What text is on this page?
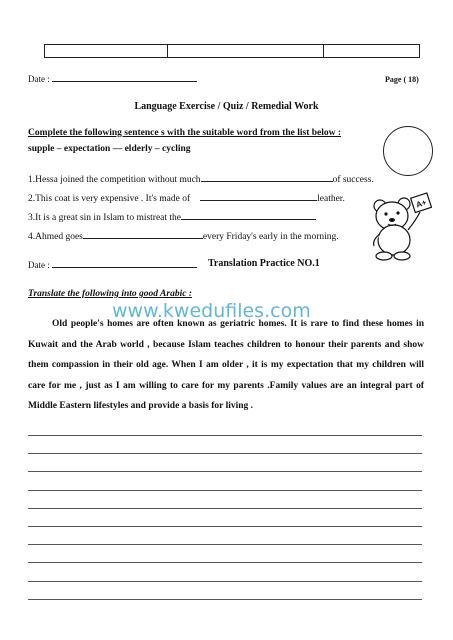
Date :	Page ( 18)
Language Exercise / Quiz / Remedial Work
Complete the following sentence s with the suitable word from the list below :
supple – expectation — elderly – cycling
1.Hessa joined the competition without much	of success.
2.This coat is very expensive . It's made of	leather.
3.It is a great sin in Islam to mistreat the
4.Ahmed goes	every Friday's early in the morning.
A+
Date :	Translation Practice NO.1
Translate the following into good Arabic :
www.kwedufiles.com
Old people's homes are often known as geriatric homes. It is rare to find these homes in Kuwait and the Arab world , because Islam teaches children to honour their parents and show them compassion in their old age. When I am older , it is my expectation that my children will care for me , just as I am willing to care for my parents .Family values are an integral part of Middle Eastern lifestyles and provide a basis for living .
